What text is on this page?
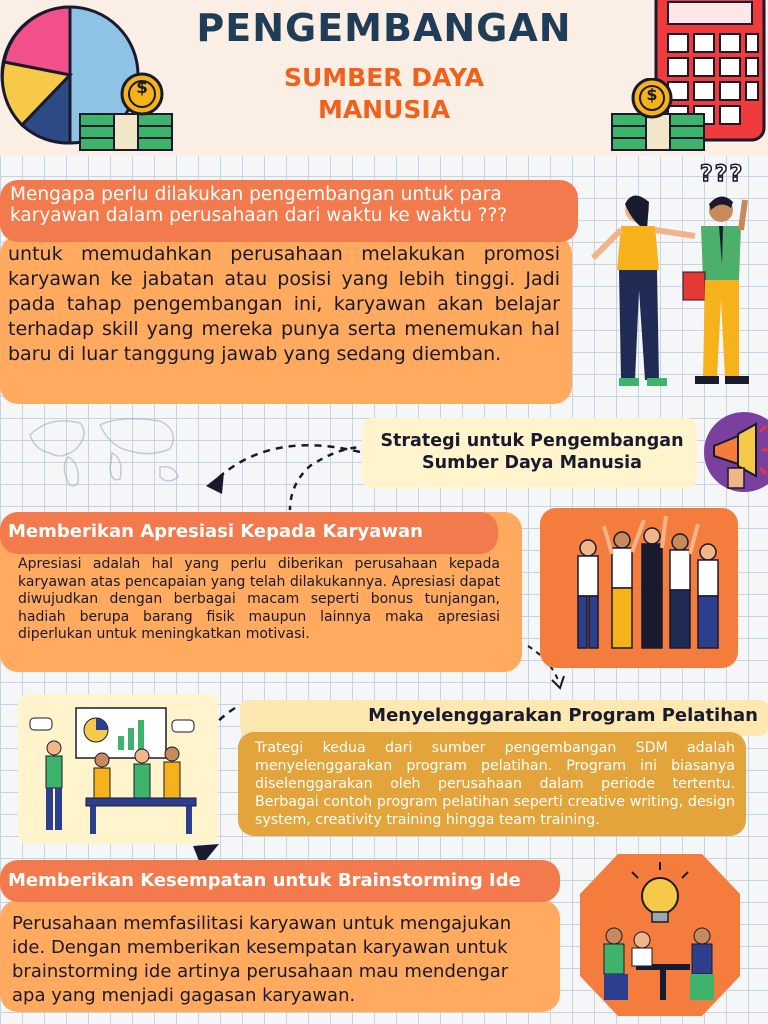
$	$
PENGEMBANGAN
SUMBER DAYA
MANUSIA
Mengapa perlu dilakukan pengembangan untuk para karyawan dalam perusahaan dari waktu ke waktu ???
untuk memudahkan perusahaan melakukan promosi karyawan ke jabatan atau posisi yang lebih tinggi. Jadi pada tahap pengembangan ini, karyawan akan belajar terhadap skill yang mereka punya serta menemukan hal baru di luar tanggung jawab yang sedang diemban.
???
Strategi untuk Pengembangan
Sumber Daya Manusia
Memberikan Apresiasi Kepada Karyawan
Apresiasi adalah hal yang perlu diberikan perusahaan kepada karyawan atas pencapaian yang telah dilakukannya. Apresiasi dapat diwujudkan dengan berbagai macam seperti bonus tunjangan, hadiah berupa barang fisik maupun lainnya maka apresiasi diperlukan untuk meningkatkan motivasi.
Menyelenggarakan Program Pelatihan
Trategi kedua dari sumber pengembangan SDM adalah menyelenggarakan program pelatihan. Program ini biasanya diselenggarakan oleh perusahaan dalam periode tertentu. Berbagai contoh program pelatihan seperti creative writing, design system, creativity training hingga team training.
Memberikan Kesempatan untuk Brainstorming Ide
Perusahaan memfasilitasi karyawan untuk mengajukan ide. Dengan memberikan kesempatan karyawan untuk brainstorming ide artinya perusahaan mau mendengar apa yang menjadi gagasan karyawan.
